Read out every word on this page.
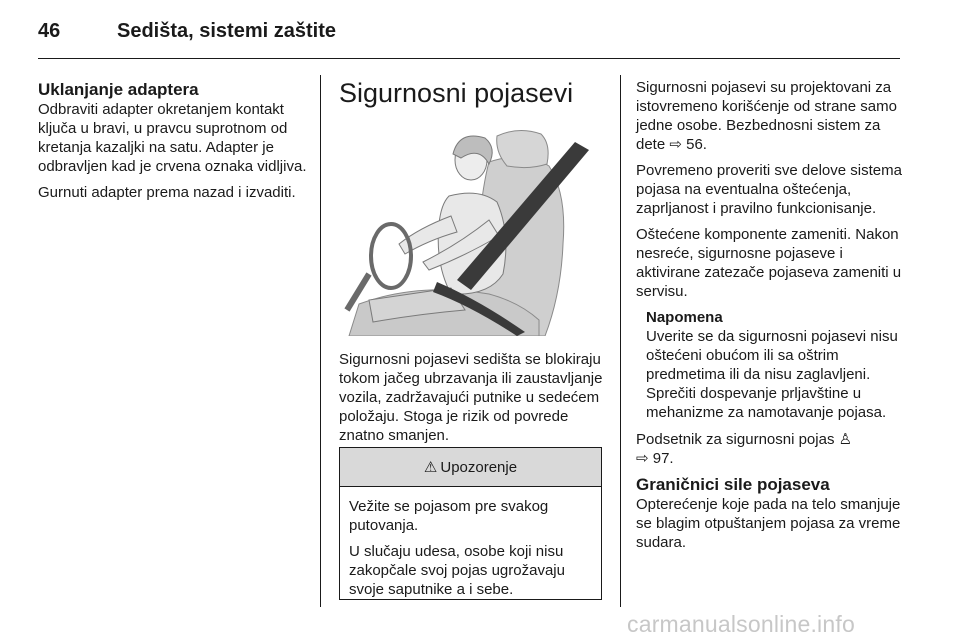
46	Sedišta, sistemi zaštite
Uklanjanje adaptera

Odbraviti adapter okretanjem kontakt ključa u bravi, u pravcu suprotnom od kretanja kazaljki na satu. Adapter je odbravljen kad je crvena oznaka vidljiva.

Gurnuti adapter prema nazad i izvaditi.

Sigurnosni pojasevi

Sigurnosni pojasevi sedišta se blokiraju tokom jačeg ubrzavanja ili zaustavljanje vozila, zadržavajući putnike u sedećem položaju. Stoga je rizik od povrede znatno smanjen.

⚠ Upozorenje

Vežite se pojasom pre svakog putovanja.

U slučaju udesa, osobe koji nisu zakopčale svoj pojas ugrožavaju svoje saputnike a i sebe.

Sigurnosni pojasevi su projektovani za istovremeno korišćenje od strane samo jedne osobe. Bezbednosni sistem za dete ⇨ 56.

Povremeno proveriti sve delove sistema pojasa na eventualna oštećenja, zaprljanost i pravilno funkcionisanje.

Oštećene komponente zameniti. Nakon nesreće, sigurnosne pojaseve i aktivirane zatezače pojaseva zameniti u servisu.

Napomena
Uverite se da sigurnosni pojasevi nisu oštećeni obućom ili sa oštrim predmetima ili da nisu zaglavljeni. Sprečiti dospevanje prljavštine u mehanizme za namotavanje pojasa.

Podsetnik za sigurnosni pojas ♙
⇨ 97.

Graničnici sile pojaseva

Opterećenje koje pada na telo smanjuje se blagim otpuštanjem pojasa za vreme sudara.

carmanualsonline.info
